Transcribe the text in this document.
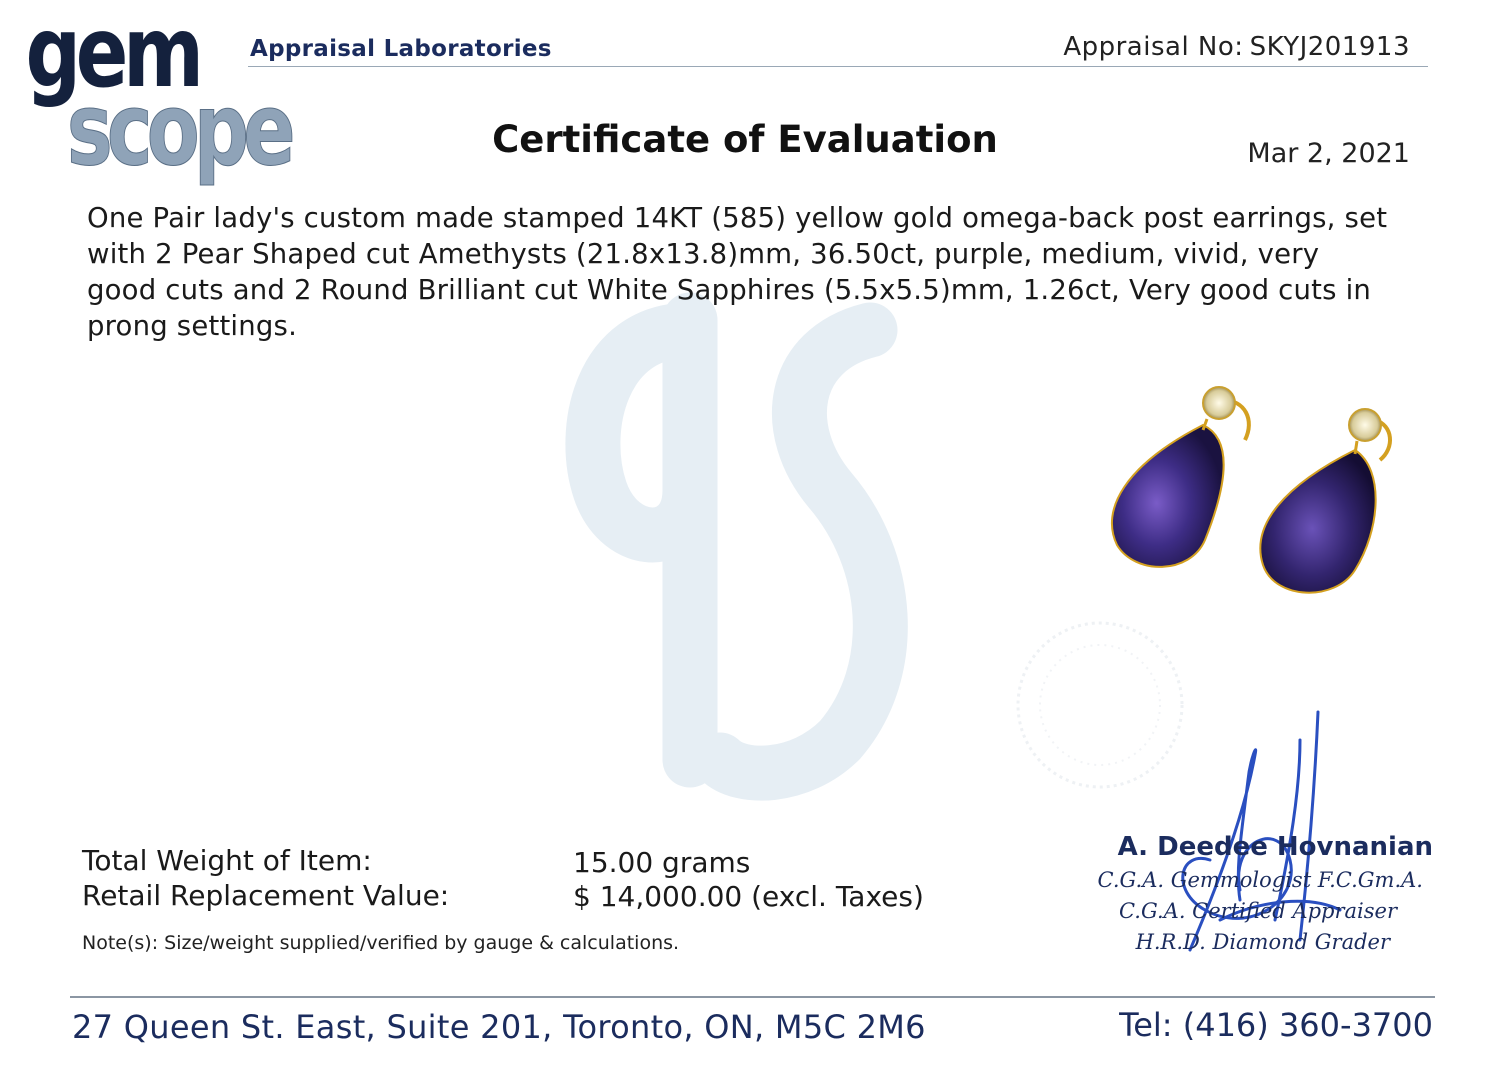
gem
scope
Appraisal Laboratories	Appraisal No: SKYJ201913
Certificate of Evaluation	Mar 2, 2021
One Pair lady's custom made stamped 14KT (585) yellow gold omega-back post earrings, set with 2 Pear Shaped cut Amethysts (21.8x13.8)mm, 36.50ct, purple, medium, vivid, very good cuts and 2 Round Brilliant cut White Sapphires (5.5x5.5)mm, 1.26ct, Very good cuts in prong settings.
Total Weight of Item:	15.00 grams
Retail Replacement Value:	$ 14,000.00 (excl. Taxes)
Note(s): Size/weight supplied/verified by gauge & calculations.
A. Deedee Hovnanian
C.G.A. Gemmologist F.C.Gm.A.
C.G.A. Certified Appraiser
H.R.D. Diamond Grader
27 Queen St. East, Suite 201, Toronto, ON, M5C 2M6	Tel: (416) 360-3700
